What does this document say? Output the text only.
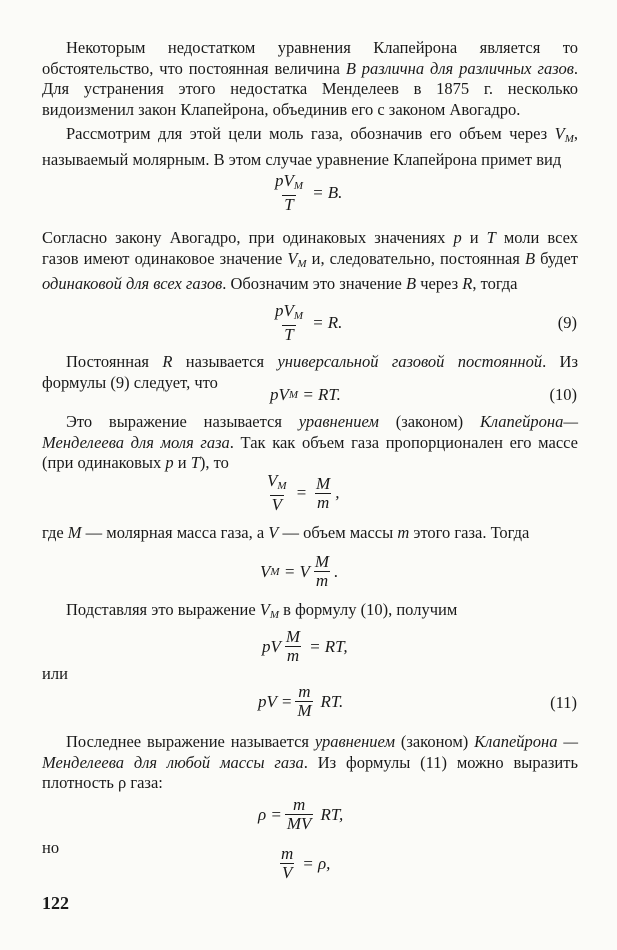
Некоторым недостатком уравнения Клапейрона является то обстоятельство, что постоянная величина B различна для различных газов. Для устранения этого недостатка Менделеев в 1875 г. несколько видоизменил закон Клапейрона, объединив его с законом Авогадро.

Рассмотрим для этой цели моль газа, обозначив его объем через $V_M$, называемый молярным. В этом случае уравнение Клапейрона примет вид

$\frac{pV_M}{T} = B$.

Согласно закону Авогадро, при одинаковых значениях p и T моли всех газов имеют одинаковое значение $V_M$ и, следовательно, постоянная B будет одинаковой для всех газов. Обозначим это значение B через R, тогда

$\frac{pV_M}{T} = R$.	(9)

Постоянная R называется универсальной газовой постоянной. Из формулы (9) следует, что

pV M = RT.	(10)

Это выражение называется уравнением (законом) Клапейрона—Менделеева для моля газа. Так как объем газа пропорционален его массе (при одинаковых p и T), то

$\frac{V_M}{V} = \frac{M}{m}$ ,

где M — молярная масса газа, а V — объем массы m этого газа. Тогда

V M = V $\frac{M}{m}$ .

Подставляя это выражение $V_M$ в формулу (10), получим

pV $\frac{M}{m}$ = RT,

или

pV = $\frac{m}{M}$ RT.	(11)

Последнее выражение называется уравнением (законом) Клапейрона — Менделеева для любой массы газа. Из формулы (11) можно выразить плотность ρ газа:

$\rho = \frac{m}{MV}$ RT,

но	$\frac{m}{V} = \rho$,
122
